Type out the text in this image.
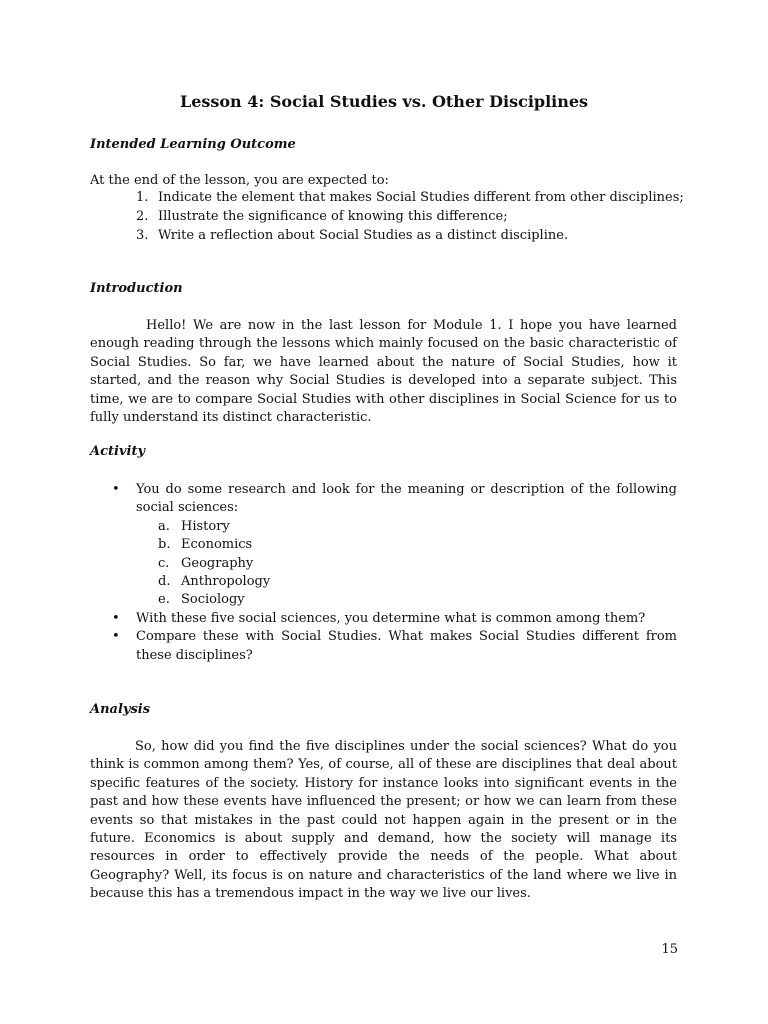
Lesson 4: Social Studies vs. Other Disciplines
Intended Learning Outcome
At the end of the lesson, you are expected to:
1. Indicate the element that makes Social Studies different from other disciplines;
2. Illustrate the significance of knowing this difference;
3. Write a reflection about Social Studies as a distinct discipline.
Introduction
Hello! We are now in the last lesson for Module 1. I hope you have learned enough reading through the lessons which mainly focused on the basic characteristic of Social Studies. So far, we have learned about the nature of Social Studies, how it started, and the reason why Social Studies is developed into a separate subject. This time, we are to compare Social Studies with other disciplines in Social Science for us to fully understand its distinct characteristic.
Activity
• You do some research and look for the meaning or description of the following social sciences:
a. History
b. Economics
c. Geography
d. Anthropology
e. Sociology
• With these five social sciences, you determine what is common among them?
• Compare these with Social Studies. What makes Social Studies different from these disciplines?
Analysis
So, how did you find the five disciplines under the social sciences? What do you think is common among them? Yes, of course, all of these are disciplines that deal about specific features of the society. History for instance looks into significant events in the past and how these events have influenced the present; or how we can learn from these events so that mistakes in the past could not happen again in the present or in the future. Economics is about supply and demand, how the society will manage its resources in order to effectively provide the needs of the people. What about Geography? Well, its focus is on nature and characteristics of the land where we live in because this has a tremendous impact in the way we live our lives.
15
